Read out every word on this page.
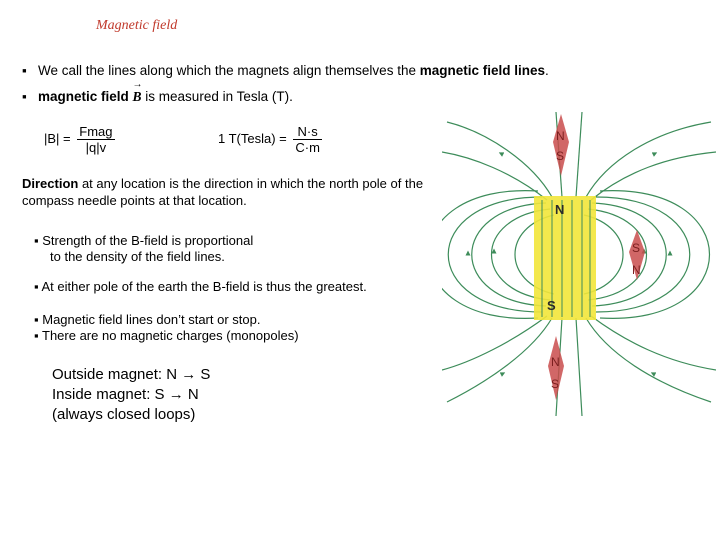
Magnetic field
▪ We call the lines along which the magnets align themselves the magnetic field lines.
▪ magnetic field B
→
is measured in Tesla (T).
$|B| = \frac{\text{Fmag}}{|q|v}$	1 T(Tesla) = $\frac{N\cdot s}{C\cdot m}$
Direction at any location is the direction in which the north pole of the compass needle points at that location.
▪ Strength of the B-field is proportional
to the density of the field lines.
▪ At either pole of the earth the B-field is thus the greatest.
▪ Magnetic field lines don’t start or stop.
▪ There are no magnetic charges (monopoles)
Outside magnet: N → S
Inside magnet: S → N
(always closed loops)
N
S
N
S
S
N
N
S
